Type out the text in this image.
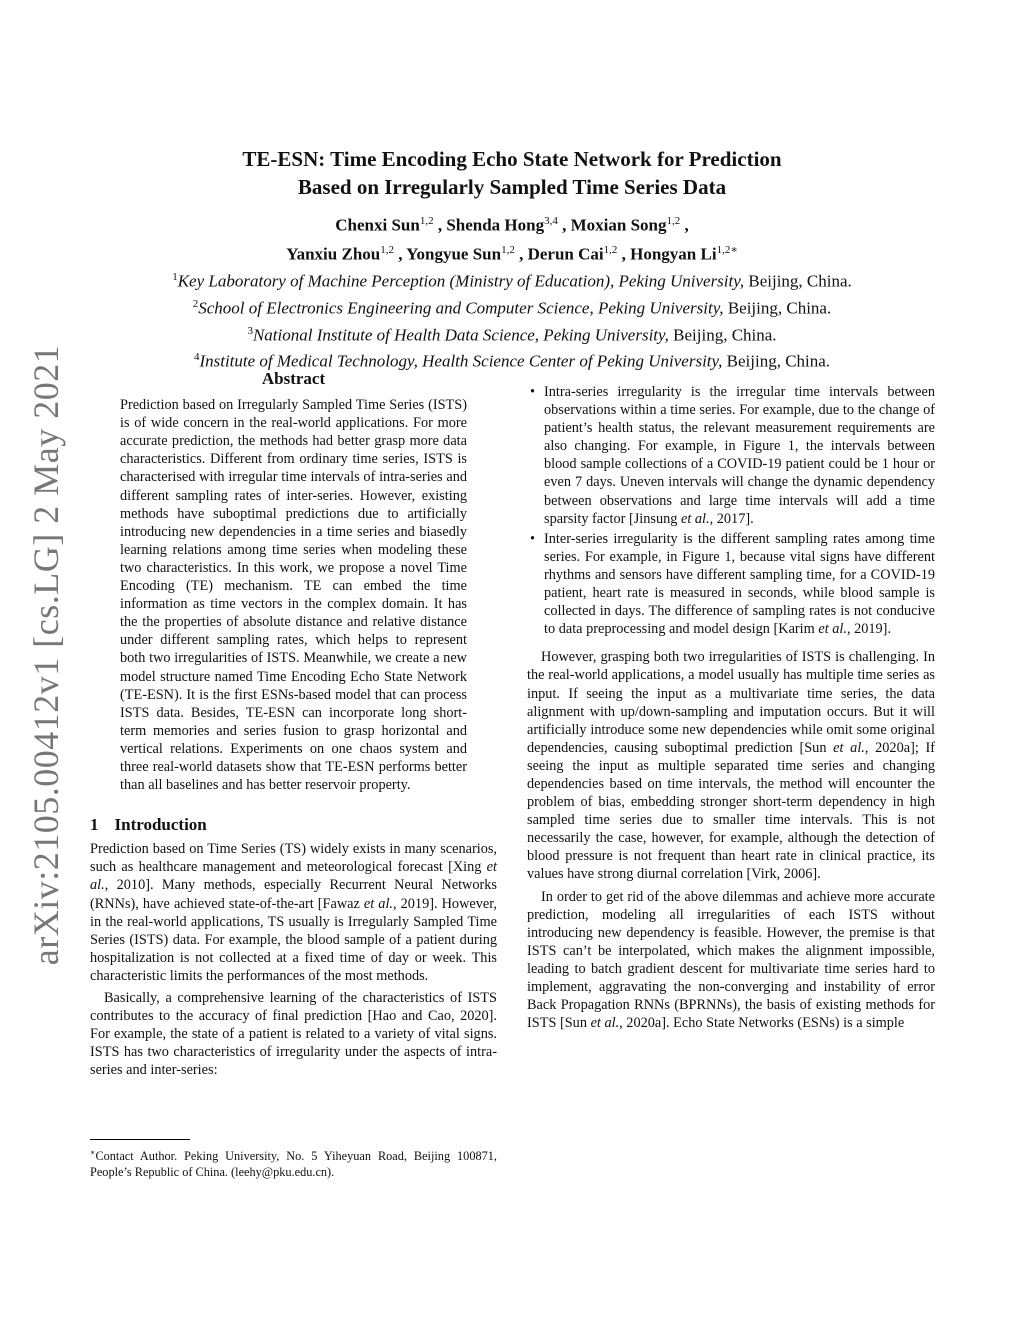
arXiv:2105.00412v1 [cs.LG] 2 May 2021
TE-ESN: Time Encoding Echo State Network for Prediction
Based on Irregularly Sampled Time Series Data
Chenxi Sun$^{1,2}$ , Shenda Hong$^{3,4}$ , Moxian Song$^{1,2}$ ,
Yanxiu Zhou$^{1,2}$ , Yongyue Sun$^{1,2}$ , Derun Cai$^{1,2}$ , Hongyan $Li^{1,2∗}$
$^1$Key Laboratory of Machine Perception (Ministry of Education), Peking University, Beijing, China.
$^2$School of Electronics Engineering and Computer Science, Peking University, Beijing, China.
$^3$National Institute of Health Data Science, Peking University, Beijing, China.
$^4$Institute of Medical Technology, Health Science Center of Peking University, Beijing, China.
Abstract
Prediction based on Irregularly Sampled Time Series (ISTS) is of wide concern in the real-world applications. For more accurate prediction, the methods had better grasp more data characteristics. Different from ordinary time series, ISTS is characterised with irregular time intervals of intra-series and different sampling rates of inter-series. However, existing methods have suboptimal predictions due to artificially introducing new dependencies in a time series and biasedly learning relations among time series when modeling these two characteristics. In this work, we propose a novel Time Encoding (TE) mechanism. TE can embed the time information as time vectors in the complex domain. It has the the properties of absolute distance and relative distance under different sampling rates, which helps to represent both two irregularities of ISTS. Meanwhile, we create a new model structure named Time Encoding Echo State Network (TE-ESN). It is the first ESNs-based model that can process ISTS data. Besides, TE-ESN can incorporate long short-term memories and series fusion to grasp horizontal and vertical relations. Experiments on one chaos system and three real-world datasets show that TE-ESN performs better than all baselines and has better reservoir property.
1 Introduction

Prediction based on Time Series (TS) widely exists in many scenarios, such as healthcare management and meteorological forecast [Xing et al., 2010]. Many methods, especially Recurrent Neural Networks (RNNs), have achieved state-of-the-art [Fawaz et al., 2019]. However, in the real-world applications, TS usually is Irregularly Sampled Time Series (ISTS) data. For example, the blood sample of a patient during hospitalization is not collected at a fixed time of day or week. This characteristic limits the performances of the most methods.

Basically, a comprehensive learning of the characteristics of ISTS contributes to the accuracy of final prediction [Hao and Cao, 2020]. For example, the state of a patient is related to a variety of vital signs. ISTS has two characteristics of irregularity under the aspects of intra-series and inter-series:

• Intra-series irregularity is the irregular time intervals between observations within a time series. For example, due to the change of patient’s health status, the relevant measurement requirements are also changing. For example, in Figure 1, the intervals between blood sample collections of a COVID-19 patient could be 1 hour or even 7 days. Uneven intervals will change the dynamic dependency between observations and large time intervals will add a time sparsity factor [Jinsung et al., 2017].
• Inter-series irregularity is the different sampling rates among time series. For example, in Figure 1, because vital signs have different rhythms and sensors have different sampling time, for a COVID-19 patient, heart rate is measured in seconds, while blood sample is collected in days. The difference of sampling rates is not conducive to data preprocessing and model design [Karim et al., 2019].

However, grasping both two irregularities of ISTS is challenging. In the real-world applications, a model usually has multiple time series as input. If seeing the input as a multivariate time series, the data alignment with up/down-sampling and imputation occurs. But it will artificially introduce some new dependencies while omit some original dependencies, causing suboptimal prediction [Sun et al., 2020a]; If seeing the input as multiple separated time series and changing dependencies based on time intervals, the method will encounter the problem of bias, embedding stronger short-term dependency in high sampled time series due to smaller time intervals. This is not necessarily the case, however, for example, although the detection of blood pressure is not frequent than heart rate in clinical practice, its values have strong diurnal correlation [Virk, 2006].

In order to get rid of the above dilemmas and achieve more accurate prediction, modeling all irregularities of each ISTS without introducing new dependency is feasible. However, the premise is that ISTS can’t be interpolated, which makes the alignment impossible, leading to batch gradient descent for multivariate time series hard to implement, aggravating the non-converging and instability of error Back Propagation RNNs (BPRNNs), the basis of existing methods for ISTS [Sun et al., 2020a]. Echo State Networks (ESNs) is a simple

∗Contact Author. Peking University, No. 5 Yiheyuan Road, Beijing 100871, People’s Republic of China. (leehy@pku.edu.cn).
